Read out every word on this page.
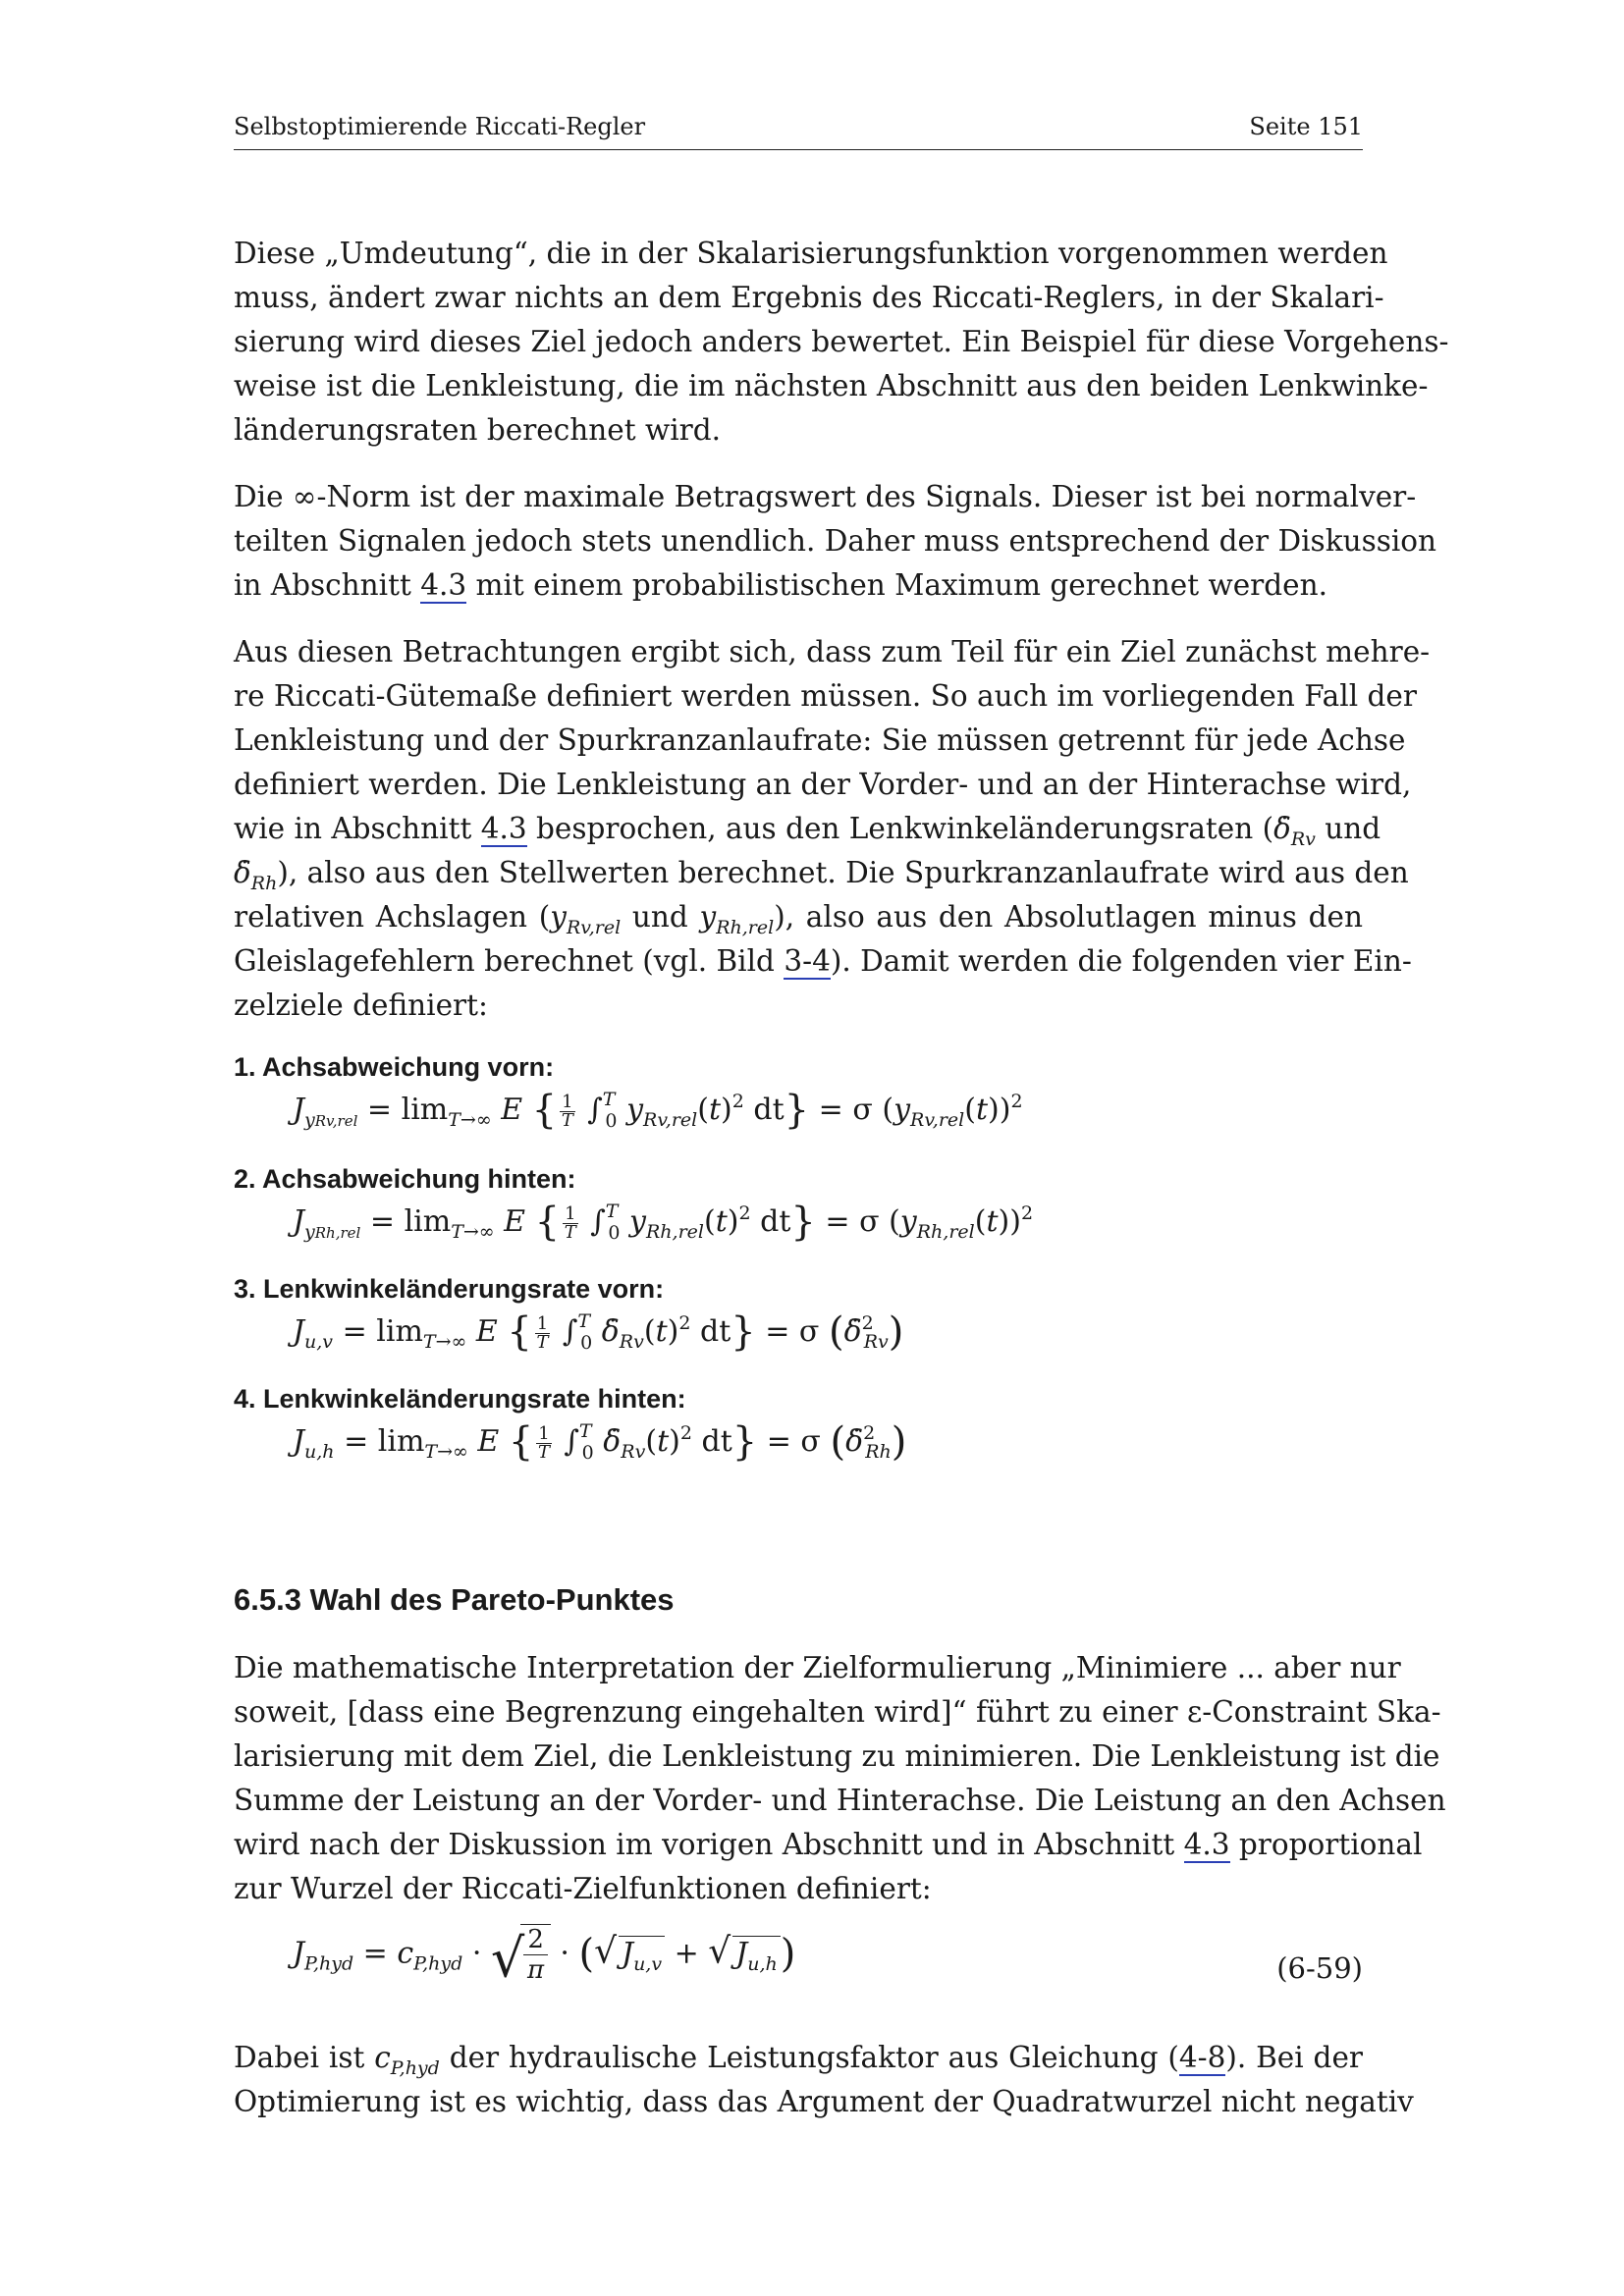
Selbstoptimierende Riccati-Regler	Seite 151
Diese „Umdeutung“, die in der Skalarisierungsfunktion vorgenommen werden
muss, ändert zwar nichts an dem Ergebnis des Riccati-Reglers, in der Skalari-
sierung wird dieses Ziel jedoch anders bewertet. Ein Beispiel für diese Vorgehens-
weise ist die Lenkleistung, die im nächsten Abschnitt aus den beiden Lenkwinke-
länderungsraten berechnet wird.
Die ∞-Norm ist der maximale Betragswert des Signals. Dieser ist bei normalver-
teilten Signalen jedoch stets unendlich. Daher muss entsprechend der Diskussion
in Abschnitt 4.3 mit einem probabilistischen Maximum gerechnet werden.
Aus diesen Betrachtungen ergibt sich, dass zum Teil für ein Ziel zunächst mehre-
re Riccati-Gütemaße definiert werden müssen. So auch im vorliegenden Fall der
Lenkleistung und der Spurkranzanlaufrate: Sie müssen getrennt für jede Achse
definiert werden. Die Lenkleistung an der Vorder- und an der Hinterachse wird,
wie in Abschnitt 4.3 besprochen, aus den Lenkwinkeländerungsraten ($\deltȧ_{Rv}$ und
$\deltȧ_{Rh}$), also aus den Stellwerten berechnet. Die Spurkranzanlaufrate wird aus den
relativen Achslagen ($y_{Rv,rel}$ und $y_{Rh,rel}$), also aus den Absolutlagen minus den
Gleislagefehlern berechnet (vgl. Bild 3-4). Damit werden die folgenden vier Ein-
zelziele definiert:
1. Achsabweichung vorn:
$J_{yRv,rel} = \lim_{T\to\infty} E$ { $\frac{1}{T} \int^T_0$ $y_{Rv,rel}(t)^2$ dt} = σ $(y_{Rv,rel}(t))^2$
2. Achsabweichung hinten:
$J_{yRh,rel} = \lim_{T\to\infty} E$ { $\frac{1}{T} \int^T_0$ $y_{Rh,rel}(t)^2$ dt} = σ $(y_{Rh,rel}(t))^2$
3. Lenkwinkeländerungsrate vorn:
$J_{u,v} = \lim_{T\to\infty} E$ { $\frac{1}{T} \int^T_0$ $\deltȧ_{Rv}(t)^2$ dt} = σ (δ̇$^2_{Rv}$)
4. Lenkwinkeländerungsrate hinten:
$J_{u,h} = \lim_{T\to\infty} E$ { $\frac{1}{T} \int^T_0$ $\deltȧ_{Rv}(t)^2$ dt} = σ (δ̇$^2_{Rh}$)
6.5.3 Wahl des Pareto-Punktes
Die mathematische Interpretation der Zielformulierung „Minimiere ... aber nur
soweit, [dass eine Begrenzung eingehalten wird]“ führt zu einer ε-Constraint Ska-
larisierung mit dem Ziel, die Lenkleistung zu minimieren. Die Lenkleistung ist die
Summe der Leistung an der Vorder- und Hinterachse. Die Leistung an den Achsen
wird nach der Diskussion im vorigen Abschnitt und in Abschnitt 4.3 proportional
zur Wurzel der Riccati-Zielfunktionen definiert:
$J_{P,hyd} = c_{P,hyd}$ · √ $\frac{2}{\pi}$ · (√ $J_{u,v}$ + √ $J_{u,h}$)	(6-59)
Dabei ist $c_{P,hyd}$ der hydraulische Leistungsfaktor aus Gleichung (4-8). Bei der
Optimierung ist es wichtig, dass das Argument der Quadratwurzel nicht negativ
